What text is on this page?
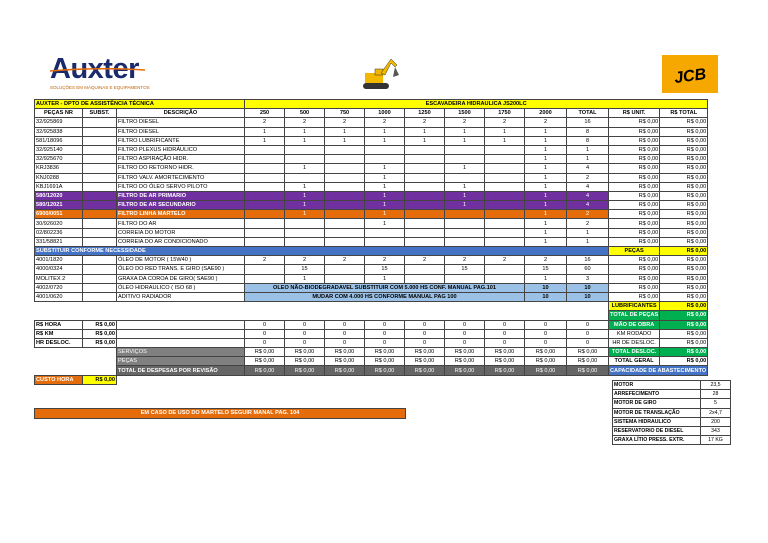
Auxter
SOLUÇÕES EM MÁQUINAS E EQUIPAMENTOS
JCB
AUXTER - DPTO DE ASSISTÊNCIA TÉCNICA			ESCAVADEIRA HIDRAULICA JS200LC										
PEÇAS NR	SUBST.	DESCRIÇÃO	250	500	750	1000	1250	1500	1750	2000	TOTAL	R$ UNIT.	R$ TOTAL
32/925869		FILTRO DIESEL	2	2	2	2	2	2	2	2	16	R$ 0,00	R$ 0,00
32/925838		FILTRO DIESEL	1	1	1	1	1	1	1	1	8	R$ 0,00	R$ 0,00
581/18096		FILTRO LUBRIFICANTE	1	1	1	1	1	1	1	1	8	R$ 0,00	R$ 0,00
32/925140		FILTRO PLEXUS HIDRÁULICO								1	1	R$ 0,00	R$ 0,00
32/925670		FILTRO ASPIRAÇÃO HIDR.								1	1	R$ 0,00	R$ 0,00
KRJ3836		FILTRO DO RETORNO HIDR.		1		1		1		1	4	R$ 0,00	R$ 0,00
KNJ0288		FILTRO VALV. AMORTECIMENTO				1				1	2	R$ 0,00	R$ 0,00
KBJ1691A		FILTRO DO ÓLEO SERVO PILOTO		1		1		1		1	4	R$ 0,00	R$ 0,00
580/12020		FILTRO DE AR PRIMARIO		1		1		1		1	4	R$ 0,00	R$ 0,00
580/12021		FILTRO DE AR SECUNDARIO		1		1		1		1	4	R$ 0,00	R$ 0,00
6900/0051		FILTRO LINHA MARTELO		1		1				1	2	R$ 0,00	R$ 0,00
30/926020		FILTRO DO AR				1				1	2	R$ 0,00	R$ 0,00
02/802236		CORREIA DO MOTOR								1	1	R$ 0,00	R$ 0,00
331/58821		CORREIA DO AR CONDICIONADO								1	1	R$ 0,00	R$ 0,00
SUBSTITUIR CONFORME NECESSIDADE												PEÇAS	R$ 0,00
4001/1820		ÓLEO DE MOTOR ( 15W40 )	2	2	2	2	2	2	2	2	16	R$ 0,00	R$ 0,00
4000/0324		ÓLEO DO RED TRANS. E GIRO (SAE90 )		15		15		15		15	60	R$ 0,00	R$ 0,00
MOLITEX 2		GRAXA DA COROA DE GIRO( SAE90 )		1		1				1	3	R$ 0,00	R$ 0,00
4002/0720		ÓLEO HIDRAULICO ( ISO 68 )	OLEO NÃO-BIODEGRADAVEL SUBSTITUIR COM 5.000 HS CONF. MANUAL PAG.101							10	10	R$ 0,00	R$ 0,00
4001/0620		ADITIVO RADIADOR	MUDAR COM 4.000 HS CONFORME MANUAL PAG 100							10	10	R$ 0,00	R$ 0,00
												LUBRIFICANTES	R$ 0,00
												TOTAL DE PEÇAS	R$ 0,00
R$ HORA	R$ 0,00		0	0	0	0	0	0	0	0	0	MÃO DE OBRA	R$ 0,00
R$ KM	R$ 0,00		0	0	0	0	0	0	0	0	0	KM RODADO	R$ 0,00
HR DESLOC.	R$ 0,00		0	0	0	0	0	0	0	0	0	HR DE DESLOC.	R$ 0,00
		SERVIÇOS	R$ 0,00	R$ 0,00	R$ 0,00	R$ 0,00	R$ 0,00	R$ 0,00	R$ 0,00	R$ 0,00	R$ 0,00	TOTAL DESLOC.	R$ 0,00
		PEÇAS	R$ 0,00	R$ 0,00	R$ 0,00	R$ 0,00	R$ 0,00	R$ 0,00	R$ 0,00	R$ 0,00	R$ 0,00	TOTAL GERAL	R$ 0,00
		TOTAL DE DESPESAS POR REVISÃO	R$ 0,00	R$ 0,00	R$ 0,00	R$ 0,00	R$ 0,00	R$ 0,00	R$ 0,00	R$ 0,00	R$ 0,00	CAPACIDADE DE ABASTECIMENTO	
CUSTO HORA	R$ 0,00												
EM CASO DE USO DO MARTELO SEGUIR MANAL PAG. 104
MOTOR	23,5
ARREFECIMENTO	28
MOTOR DE GIRO	5
MOTOR DE TRANSLAÇÃO	2x4,7
SISTEMA HIDRAULICO	200
RESERVATORIO DE DIESEL	343
GRAXA LÍTIO PRESS. EXTR.	17 KG
